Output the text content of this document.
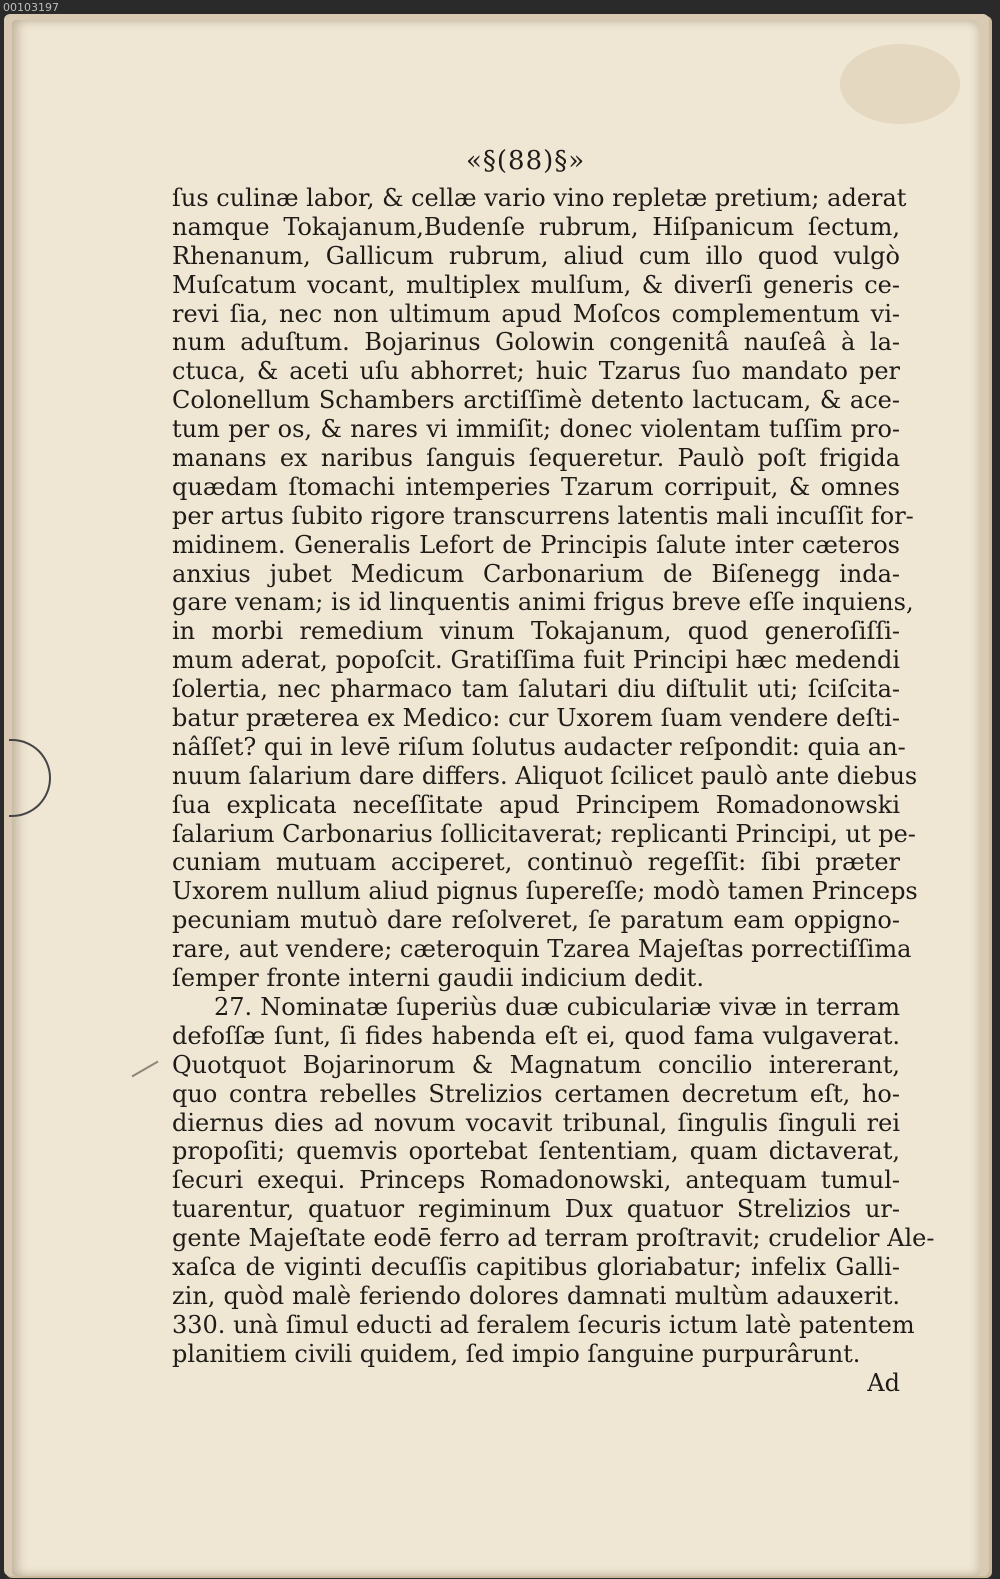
00103197
«§(88)§»
ſus culinæ labor, & cellæ vario vino repletæ pretium; aderat
namque Tokajanum,Budenſe rubrum, Hiſpanicum ſectum,
Rhenanum, Gallicum rubrum, aliud cum illo quod vulgò
Muſcatum vocant, multiplex mulſum, & diverſi generis ce-
revi ſia, nec non ultimum apud Moſcos complementum vi-
num aduſtum. Bojarinus Golowin congenitâ nauſeâ à la-
ctuca, & aceti uſu abhorret; huic Tzarus ſuo mandato per
Colonellum Schambers arctiſſimè detento lactucam, & ace-
tum per os, & nares vi immiſit; donec violentam tuſſim pro-
manans ex naribus ſanguis ſequeretur. Paulò poſt frigida
quædam ſtomachi intemperies Tzarum corripuit, & omnes
per artus ſubito rigore transcurrens latentis mali incuſſit for-
midinem. Generalis Lefort de Principis ſalute inter cæteros
anxius jubet Medicum Carbonarium de Biſenegg inda-
gare venam; is id linquentis animi frigus breve eſſe inquiens,
in morbi remedium vinum Tokajanum, quod generoſiſſi-
mum aderat, popoſcit. Gratiſſima fuit Principi hæc medendi
ſolertia, nec pharmaco tam ſalutari diu diſtulit uti; ſciſcita-
batur præterea ex Medico: cur Uxorem ſuam vendere deſti-
nâſſet? qui in levē riſum ſolutus audacter reſpondit: quia an-
nuum ſalarium dare differs. Aliquot ſcilicet paulò ante diebus
ſua explicata neceſſitate apud Principem Romadonowski
ſalarium Carbonarius ſollicitaverat; replicanti Principi, ut pe-
cuniam mutuam acciperet, continuò regeſſit: ſibi præter
Uxorem nullum aliud pignus ſupereſſe; modò tamen Princeps
pecuniam mutuò dare reſolveret, ſe paratum eam oppigno-
rare, aut vendere; cæteroquin Tzarea Majeſtas porrectiſſima
ſemper fronte interni gaudii indicium dedit.
27. Nominatæ ſuperiùs duæ cubiculariæ vivæ in terram
defoſſæ ſunt, ſi fides habenda eſt ei, quod fama vulgaverat.
Quotquot Bojarinorum & Magnatum concilio intererant,
quo contra rebelles Strelizios certamen decretum eſt, ho-
diernus dies ad novum vocavit tribunal, ſingulis ſinguli rei
propoſiti; quemvis oportebat ſententiam, quam dictaverat,
ſecuri exequi. Princeps Romadonowski, antequam tumul-
tuarentur, quatuor regiminum Dux quatuor Strelizios ur-
gente Majeſtate eodē ferro ad terram proſtravit; crudelior Ale-
xaſca de viginti decuſſis capitibus gloriabatur; infelix Galli-
zin, quòd malè feriendo dolores damnati multùm adauxerit.
330. unà ſimul educti ad feralem ſecuris ictum latè patentem
planitiem civili quidem, ſed impio ſanguine purpurârunt.
Ad
